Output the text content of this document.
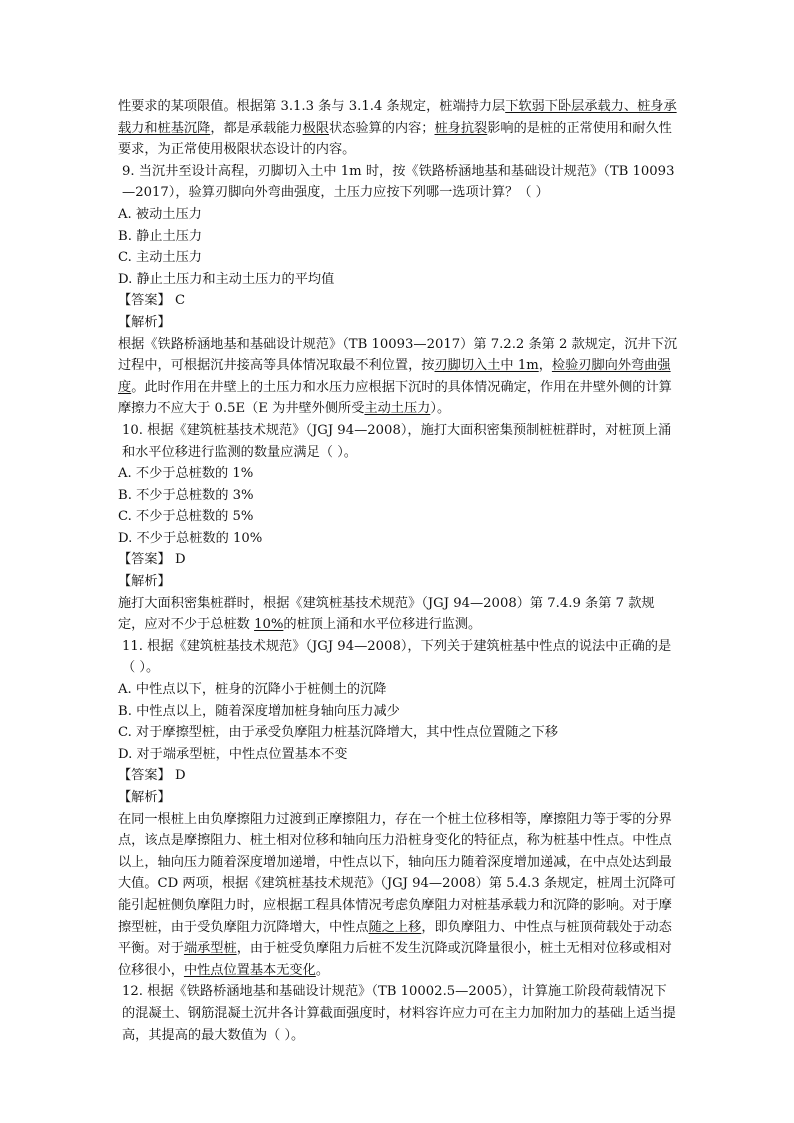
性要求的某项限值。根据第 3.1.3 条与 3.1.4 条规定，桩端持力层下软弱下卧层承载力、桩身承载力和桩基沉降，都是承载能力极限状态验算的内容；桩身抗裂影响的是桩的正常使用和耐久性要求，为正常使用极限状态设计的内容。

9. 当沉井至设计高程，刃脚切入土中 1m 时，按《铁路桥涵地基和基础设计规范》（TB 10093—2017），验算刃脚向外弯曲强度，土压力应按下列哪一选项计算？（ ）

A. 被动土压力

B. 静止土压力

C. 主动土压力

D. 静止土压力和主动土压力的平均值

【答案】 C

【解析】

根据《铁路桥涵地基和基础设计规范》（TB 10093—2017）第 7.2.2 条第 2 款规定，沉井下沉过程中，可根据沉井接高等具体情况取最不利位置，按刃脚切入土中 1m，检验刃脚向外弯曲强度。此时作用在井壁上的土压力和水压力应根据下沉时的具体情况确定，作用在井壁外侧的计算摩擦力不应大于 0.5E（E 为井壁外侧所受主动土压力）。

10. 根据《建筑桩基技术规范》（JGJ 94—2008），施打大面积密集预制桩桩群时，对桩顶上涌和水平位移进行监测的数量应满足（ ）。

A. 不少于总桩数的 1%

B. 不少于总桩数的 3%

C. 不少于总桩数的 5%

D. 不少于总桩数的 10%

【答案】 D

【解析】

施打大面积密集桩群时，根据《建筑桩基技术规范》（JGJ 94—2008）第 7.4.9 条第 7 款规定，应对不少于总桩数 10%的桩顶上涌和水平位移进行监测。

11. 根据《建筑桩基技术规范》（JGJ 94—2008），下列关于建筑桩基中性点的说法中正确的是（ ）。

A. 中性点以下，桩身的沉降小于桩侧土的沉降

B. 中性点以上，随着深度增加桩身轴向压力减少

C. 对于摩擦型桩，由于承受负摩阻力桩基沉降增大，其中性点位置随之下移

D. 对于端承型桩，中性点位置基本不变

【答案】 D

【解析】

在同一根桩上由负摩擦阻力过渡到正摩擦阻力，存在一个桩土位移相等，摩擦阻力等于零的分界点，该点是摩擦阻力、桩土相对位移和轴向压力沿桩身变化的特征点，称为桩基中性点。中性点以上，轴向压力随着深度增加递增，中性点以下，轴向压力随着深度增加递减，在中点处达到最大值。CD 两项，根据《建筑桩基技术规范》（JGJ 94—2008）第 5.4.3 条规定，桩周土沉降可能引起桩侧负摩阻力时，应根据工程具体情况考虑负摩阻力对桩基承载力和沉降的影响。对于摩擦型桩，由于受负摩阻力沉降增大，中性点随之上移，即负摩阻力、中性点与桩顶荷载处于动态平衡。对于端承型桩，由于桩受负摩阻力后桩不发生沉降或沉降量很小，桩土无相对位移或相对位移很小，中性点位置基本无变化。

12. 根据《铁路桥涵地基和基础设计规范》（TB 10002.5—2005），计算施工阶段荷载情况下的混凝土、钢筋混凝土沉井各计算截面强度时，材料容许应力可在主力加附加力的基础上适当提高，其提高的最大数值为（ ）。
